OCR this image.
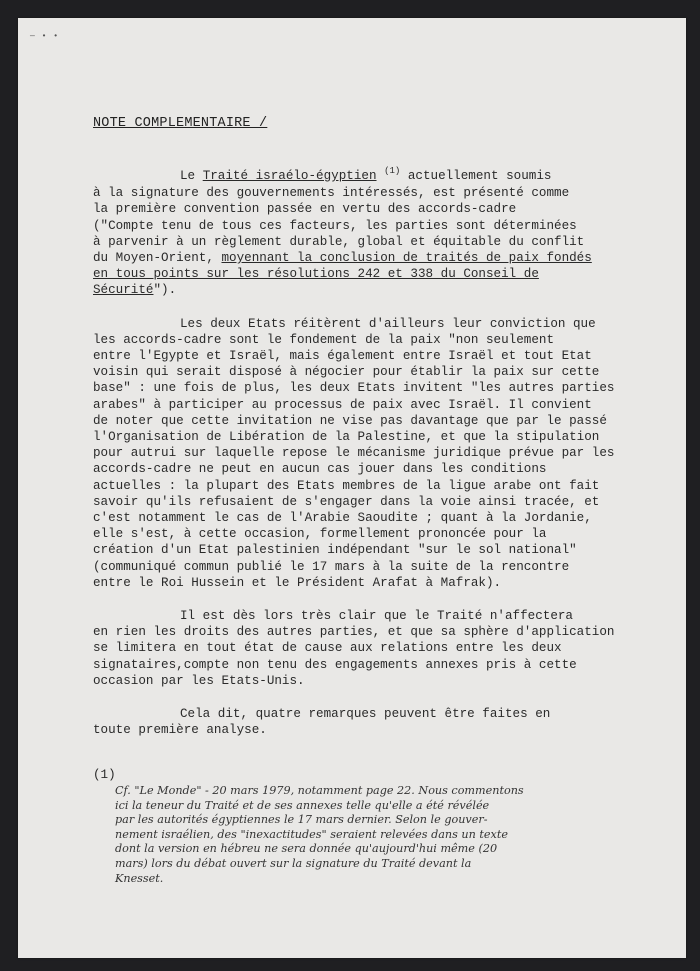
— • •
NOTE COMPLEMENTAIRE /
Le Traité israélo-égyptien $^{(1)}$ actuellement soumis
à la signature des gouvernements intéressés, est présenté comme
la première convention passée en vertu des accords-cadre
("Compte tenu de tous ces facteurs, les parties sont déterminées
à parvenir à un règlement durable, global et équitable du conflit
du Moyen-Orient, moyennant la conclusion de traités de paix fondés
en tous points sur les résolutions 242 et 338 du Conseil de
Sécurité").
Les deux Etats réitèrent d'ailleurs leur conviction que
les accords-cadre sont le fondement de la paix "non seulement
entre l'Egypte et Israël, mais également entre Israël et tout Etat
voisin qui serait disposé à négocier pour établir la paix sur cette
base" : une fois de plus, les deux Etats invitent "les autres parties
arabes" à participer au processus de paix avec Israël. Il convient
de noter que cette invitation ne vise pas davantage que par le passé
l'Organisation de Libération de la Palestine, et que la stipulation
pour autrui sur laquelle repose le mécanisme juridique prévue par les
accords-cadre ne peut en aucun cas jouer dans les conditions
actuelles : la plupart des Etats membres de la ligue arabe ont fait
savoir qu'ils refusaient de s'engager dans la voie ainsi tracée, et
c'est notamment le cas de l'Arabie Saoudite ; quant à la Jordanie,
elle s'est, à cette occasion, formellement prononcée pour la
création d'un Etat palestinien indépendant "sur le sol national"
(communiqué commun publié le 17 mars à la suite de la rencontre
entre le Roi Hussein et le Président Arafat à Mafrak).
Il est dès lors très clair que le Traité n'affectera
en rien les droits des autres parties, et que sa sphère d'application
se limitera en tout état de cause aux relations entre les deux
signataires,compte non tenu des engagements annexes pris à cette
occasion par les Etats-Unis.
Cela dit, quatre remarques peuvent être faites en
toute première analyse.
(1)
Cf. "Le Monde" - 20 mars 1979, notamment page 22. Nous commentons
ici la teneur du Traité et de ses annexes telle qu'elle a été révélée
par les autorités égyptiennes le 17 mars dernier. Selon le gouver-
nement israélien, des "inexactitudes" seraient relevées dans un texte
dont la version en hébreu ne sera donnée qu'aujourd'hui même (20
mars) lors du débat ouvert sur la signature du Traité devant la
Knesset.
